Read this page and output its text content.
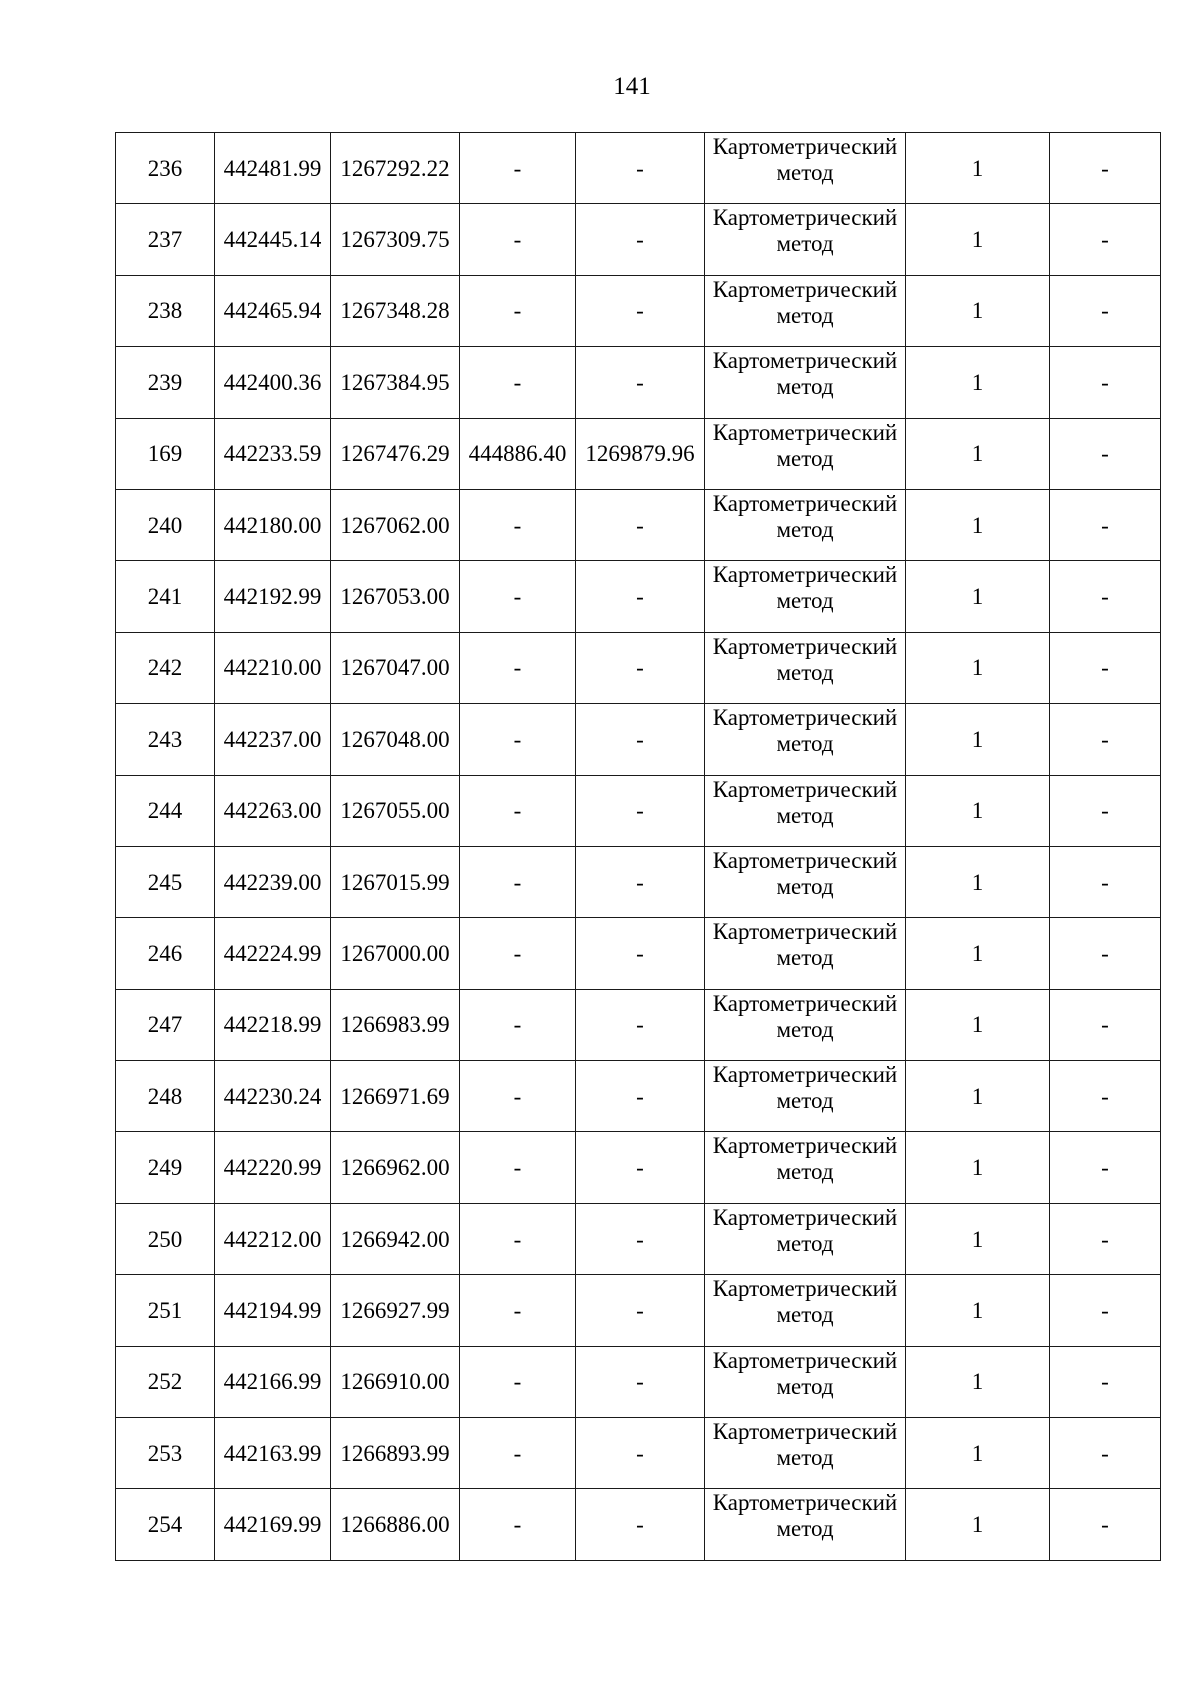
141
236	442481.99	1267292.22	-	-	Картометрический метод	1	-
237	442445.14	1267309.75	-	-	Картометрический метод	1	-
238	442465.94	1267348.28	-	-	Картометрический метод	1	-
239	442400.36	1267384.95	-	-	Картометрический метод	1	-
169	442233.59	1267476.29	444886.40	1269879.96	Картометрический метод	1	-
240	442180.00	1267062.00	-	-	Картометрический метод	1	-
241	442192.99	1267053.00	-	-	Картометрический метод	1	-
242	442210.00	1267047.00	-	-	Картометрический метод	1	-
243	442237.00	1267048.00	-	-	Картометрический метод	1	-
244	442263.00	1267055.00	-	-	Картометрический метод	1	-
245	442239.00	1267015.99	-	-	Картометрический метод	1	-
246	442224.99	1267000.00	-	-	Картометрический метод	1	-
247	442218.99	1266983.99	-	-	Картометрический метод	1	-
248	442230.24	1266971.69	-	-	Картометрический метод	1	-
249	442220.99	1266962.00	-	-	Картометрический метод	1	-
250	442212.00	1266942.00	-	-	Картометрический метод	1	-
251	442194.99	1266927.99	-	-	Картометрический метод	1	-
252	442166.99	1266910.00	-	-	Картометрический метод	1	-
253	442163.99	1266893.99	-	-	Картометрический метод	1	-
254	442169.99	1266886.00	-	-	Картометрический метод	1	-
